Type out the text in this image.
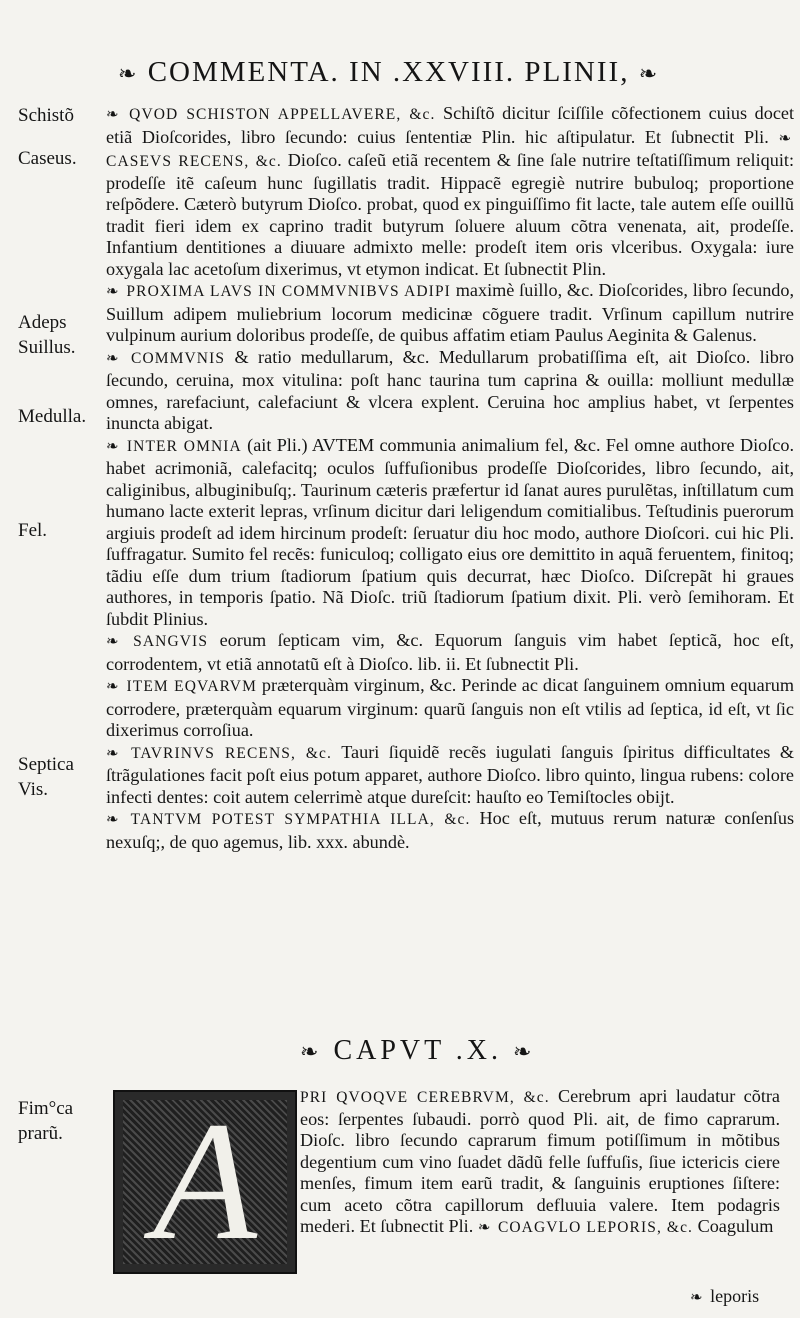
❧ COMMENTA. IN .XXVIII. PLINII, ❧
Schistõ
Caseus.
Adeps Suillus.
Medulla.
Fel.
Septica Vis.
Fim°ca prarũ.
❧ QVOD SCHISTON APPELLAVERE, &c. Schiſtõ dicitur ſciſſile cõfectionem cuius docet etiã Dioſcorides, libro ſecundo: cuius ſententiæ Plin. hic aſtipulatur. Et ſubnectit Pli. ❧ CASEVS RECENS, &c. Dioſco. caſeũ etiã recentem & ſine ſale nutrire teſtatiſſimum reliquit: prodeſſe itẽ caſeum hunc ſugillatis tradit. Hippacẽ egregiè nutrire bubuloq; proportione reſpõdere. Cæterò butyrum Dioſco. probat, quod ex pinguiſſimo fit lacte, tale autem eſſe ouillũ tradit fieri idem ex caprino tradit butyrum ſoluere aluum cõtra venenata, ait, prodeſſe. Infantium dentitiones a diuuare admixto melle: prodeſt item oris vlceribus. Oxygala: iure oxygala lac acetoſum dixerimus, vt etymon indicat. Et ſubnectit Plin.
❧ PROXIMA LAVS IN COMMVNIBVS ADIPI maximè ſuillo, &c. Dioſcorides, libro ſecundo, Suillum adipem muliebrium locorum medicinæ cõguere tradit. Vrſinum capillum nutrire vulpinum aurium doloribus prodeſſe, de quibus affatim etiam Paulus Aeginita & Galenus.
❧ COMMVNIS & ratio medullarum, &c. Medullarum probatiſſima eſt, ait Dioſco. libro ſecundo, ceruina, mox vitulina: poſt hanc taurina tum caprina & ouilla: molliunt medullæ omnes, rarefaciunt, calefaciunt & vlcera explent. Ceruina hoc amplius habet, vt ſerpentes inuncta abigat.
❧ INTER OMNIA (ait Pli.) AVTEM communia animalium fel, &c. Fel omne authore Dioſco. habet acrimoniã, calefacitq; oculos ſuffuſionibus prodeſſe Dioſcorides, libro ſecundo, ait, caliginibus, albuginibuſq;. Taurinum cæteris præfertur id ſanat aures purulẽtas, inſtillatum cum humano lacte exterit lepras, vrſinum dicitur dari leligendum comitialibus. Teſtudinis puerorum argiuis prodeſt ad idem hircinum prodeſt: ſeruatur diu hoc modo, authore Dioſcori. cui hic Pli. ſuffragatur. Sumito fel recẽs: funiculoq; colligato eius ore demittito in aquã feruentem, finitoq; tãdiu eſſe dum trium ſtadiorum ſpatium quis decurrat, hæc Dioſco. Diſcrepãt hi graues authores, in temporis ſpatio. Nã Dioſc. triũ ſtadiorum ſpatium dixit. Pli. verò ſemihoram. Et ſubdit Plinius.
❧ SANGVIS eorum ſepticam vim, &c. Equorum ſanguis vim habet ſepticã, hoc eſt, corrodentem, vt etiã annotatũ eſt à Dioſco. lib. ii. Et ſubnectit Pli.
❧ ITEM EQVARVM præterquàm virginum, &c. Perinde ac dicat ſanguinem omnium equarum corrodere, præterquàm equarum virginum: quarũ ſanguis non eſt vtilis ad ſeptica, id eſt, vt ſic dixerimus corroſiua.
❧ TAVRINVS RECENS, &c. Tauri ſiquidẽ recẽs iugulati ſanguis ſpiritus difficultates & ſtrãgulationes facit poſt eius potum apparet, authore Dioſco. libro quinto, lingua rubens: colore infecti dentes: coit autem celerrimè atque dureſcit: hauſto eo Temiſtocles obijt.
❧ TANTVM POTEST SYMPATHIA ILLA, &c. Hoc eſt, mutuus rerum naturæ conſenſus nexuſq;, de quo agemus, lib. xxx. abundè.
❧ CAPVT .X. ❧
A	PRI QVOQVE CEREBRVM, &c. Cerebrum apri laudatur cõtra eos: ſerpentes ſubaudi. porrò quod Pli. ait, de fimo caprarum. Dioſc. libro ſecundo caprarum fimum potiſſimum in mõtibus degentium cum vino ſuadet dãdũ felle ſuffuſis, ſiue ictericis ciere menſes, fimum item earũ tradit, & ſanguinis eruptiones ſiſtere: cum aceto cõtra capillorum defluuia valere. Item podagris mederi. Et ſubnectit Pli. ❧ COAGVLO LEPORIS, &c. Coagulum
❧ leporis
